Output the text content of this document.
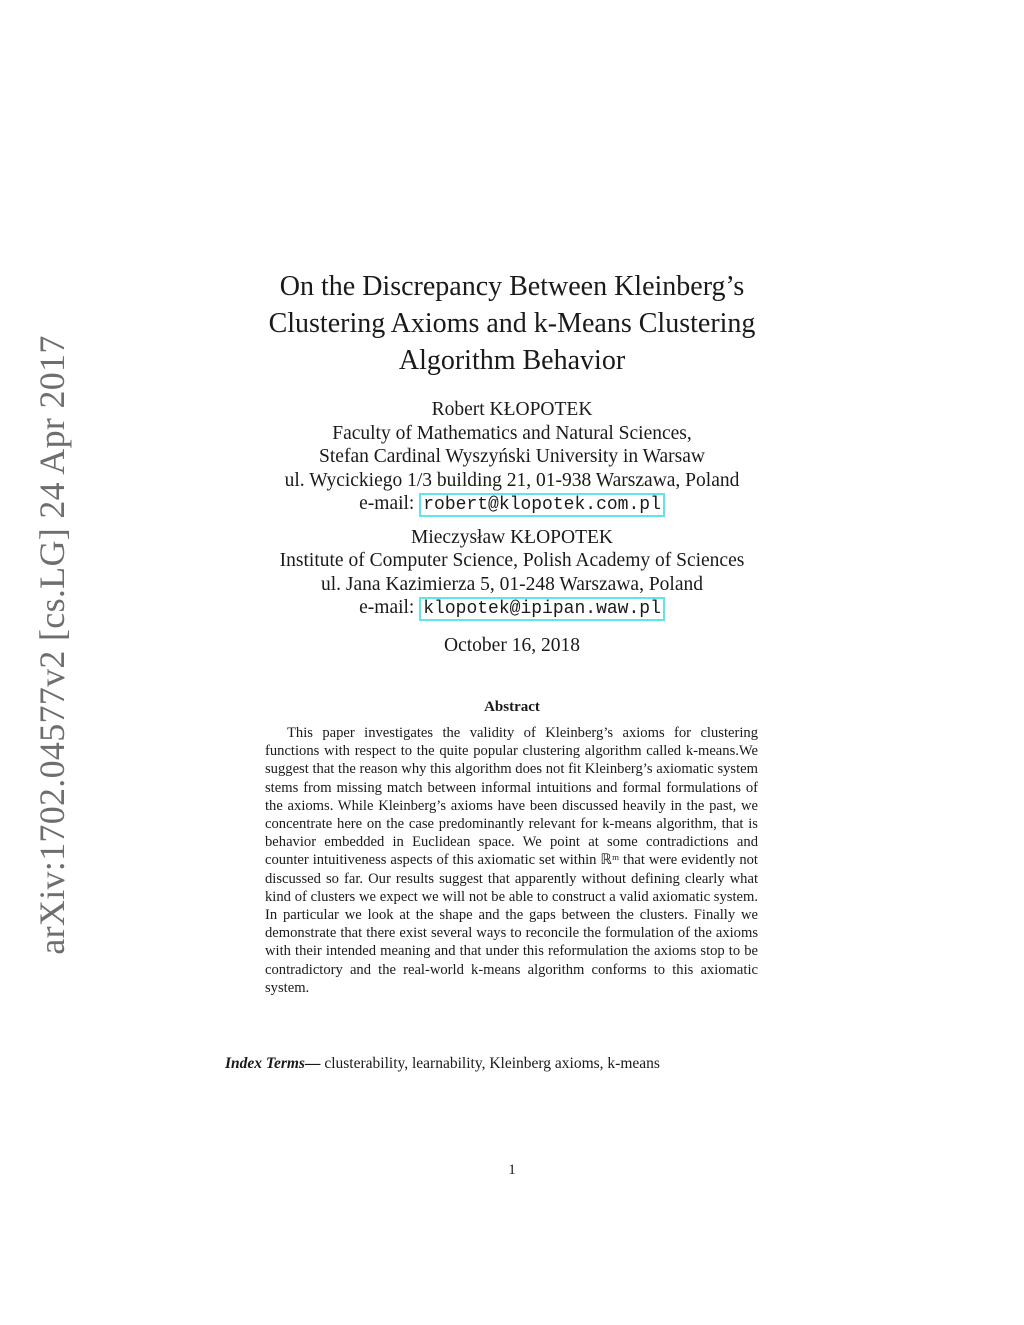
arXiv:1702.04577v2 [cs.LG] 24 Apr 2017
On the Discrepancy Between Kleinberg’s
Clustering Axioms and k-Means Clustering
Algorithm Behavior
Robert KŁOPOTEK
Faculty of Mathematics and Natural Sciences,
Stefan Cardinal Wyszyński University in Warsaw
ul. Wycickiego 1/3 building 21, 01-938 Warszawa, Poland
e-mail: robert@klopotek.com.pl
Mieczysław KŁOPOTEK
Institute of Computer Science, Polish Academy of Sciences
ul. Jana Kazimierza 5, 01-248 Warszawa, Poland
e-mail: klopotek@ipipan.waw.pl
October 16, 2018
Abstract

This paper investigates the validity of Kleinberg’s axioms for clustering functions with respect to the quite popular clustering algorithm called k-means.We suggest that the reason why this algorithm does not fit Kleinberg’s axiomatic system stems from missing match between informal intuitions and formal formulations of the axioms. While Kleinberg’s axioms have been discussed heavily in the past, we concentrate here on the case predominantly relevant for k-means algorithm, that is behavior embedded in Euclidean space. We point at some contradictions and counter intuitiveness aspects of this axiomatic set within ℝᵐ that were evidently not discussed so far. Our results suggest that apparently without defining clearly what kind of clusters we expect we will not be able to construct a valid axiomatic system. In particular we look at the shape and the gaps between the clusters. Finally we demonstrate that there exist several ways to reconcile the formulation of the axioms with their intended meaning and that under this reformulation the axioms stop to be contradictory and the real-world k-means algorithm conforms to this axiomatic system.

Index Terms— clusterability, learnability, Kleinberg axioms, k-means
1
